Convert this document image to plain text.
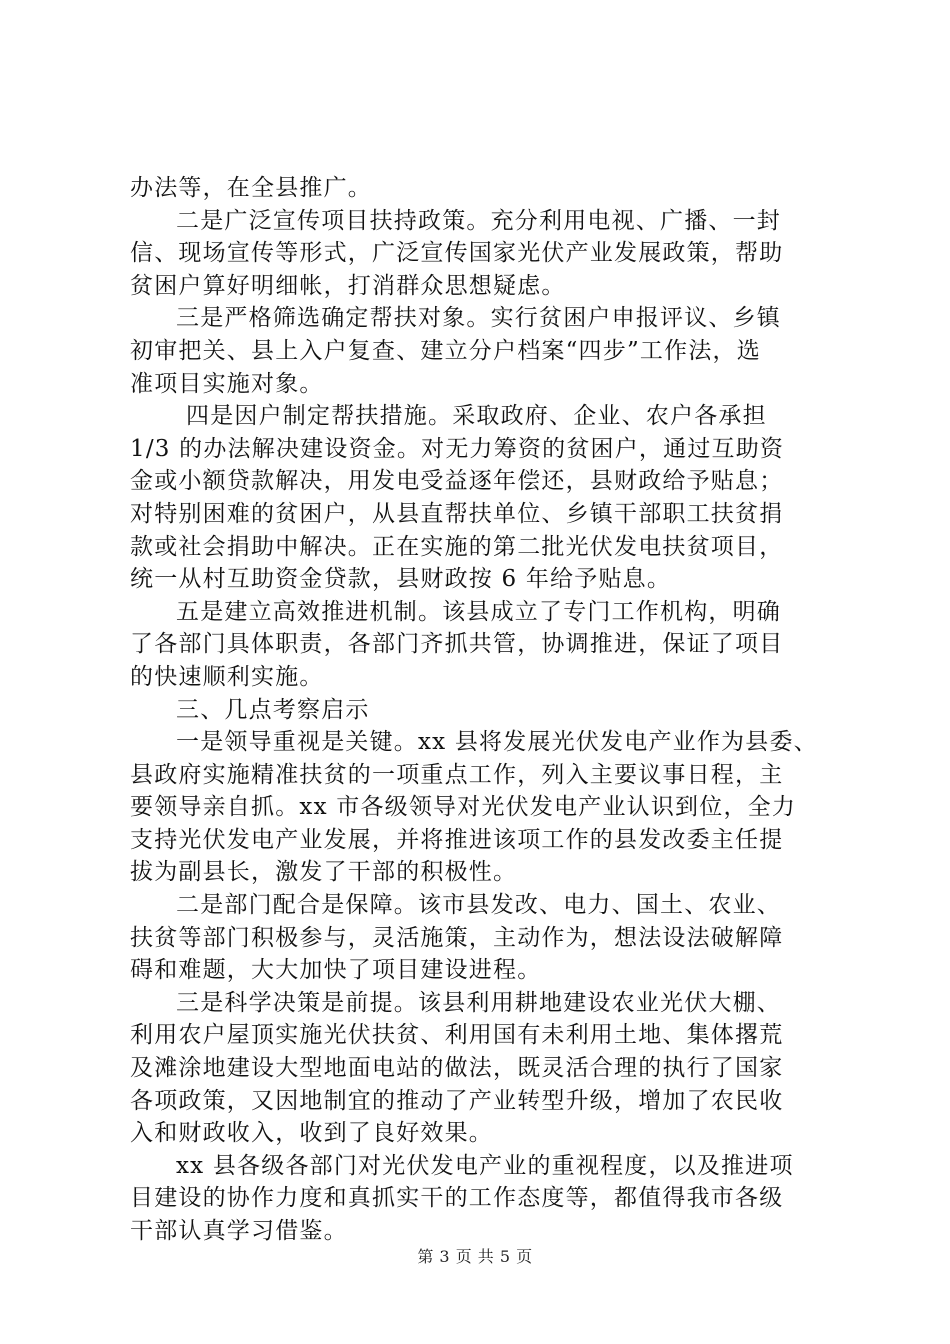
办法等，在全县推广。
二是广泛宣传项目扶持政策。充分利用电视、广播、一封
信、现场宣传等形式，广泛宣传国家光伏产业发展政策，帮助
贫困户算好明细帐，打消群众思想疑虑。
三是严格筛选确定帮扶对象。实行贫困户申报评议、乡镇
初审把关、县上入户复查、建立分户档案“四步”工作法，选
准项目实施对象。
四是因户制定帮扶措施。采取政府、企业、农户各承担
1/3 的办法解决建设资金。对无力筹资的贫困户，通过互助资
金或小额贷款解决，用发电受益逐年偿还，县财政给予贴息；
对特别困难的贫困户，从县直帮扶单位、乡镇干部职工扶贫捐
款或社会捐助中解决。正在实施的第二批光伏发电扶贫项目，
统一从村互助资金贷款，县财政按 6 年给予贴息。
五是建立高效推进机制。该县成立了专门工作机构，明确
了各部门具体职责，各部门齐抓共管，协调推进，保证了项目
的快速顺利实施。
三、几点考察启示
一是领导重视是关键。xx 县将发展光伏发电产业作为县委、
县政府实施精准扶贫的一项重点工作，列入主要议事日程，主
要领导亲自抓。xx 市各级领导对光伏发电产业认识到位，全力
支持光伏发电产业发展，并将推进该项工作的县发改委主任提
拔为副县长，激发了干部的积极性。
二是部门配合是保障。该市县发改、电力、国土、农业、
扶贫等部门积极参与，灵活施策，主动作为，想法设法破解障
碍和难题，大大加快了项目建设进程。
三是科学决策是前提。该县利用耕地建设农业光伏大棚、
利用农户屋顶实施光伏扶贫、利用国有未利用土地、集体撂荒
及滩涂地建设大型地面电站的做法，既灵活合理的执行了国家
各项政策，又因地制宜的推动了产业转型升级，增加了农民收
入和财政收入，收到了良好效果。
xx 县各级各部门对光伏发电产业的重视程度，以及推进项
目建设的协作力度和真抓实干的工作态度等，都值得我市各级
干部认真学习借鉴。
第 3 页 共 5 页
